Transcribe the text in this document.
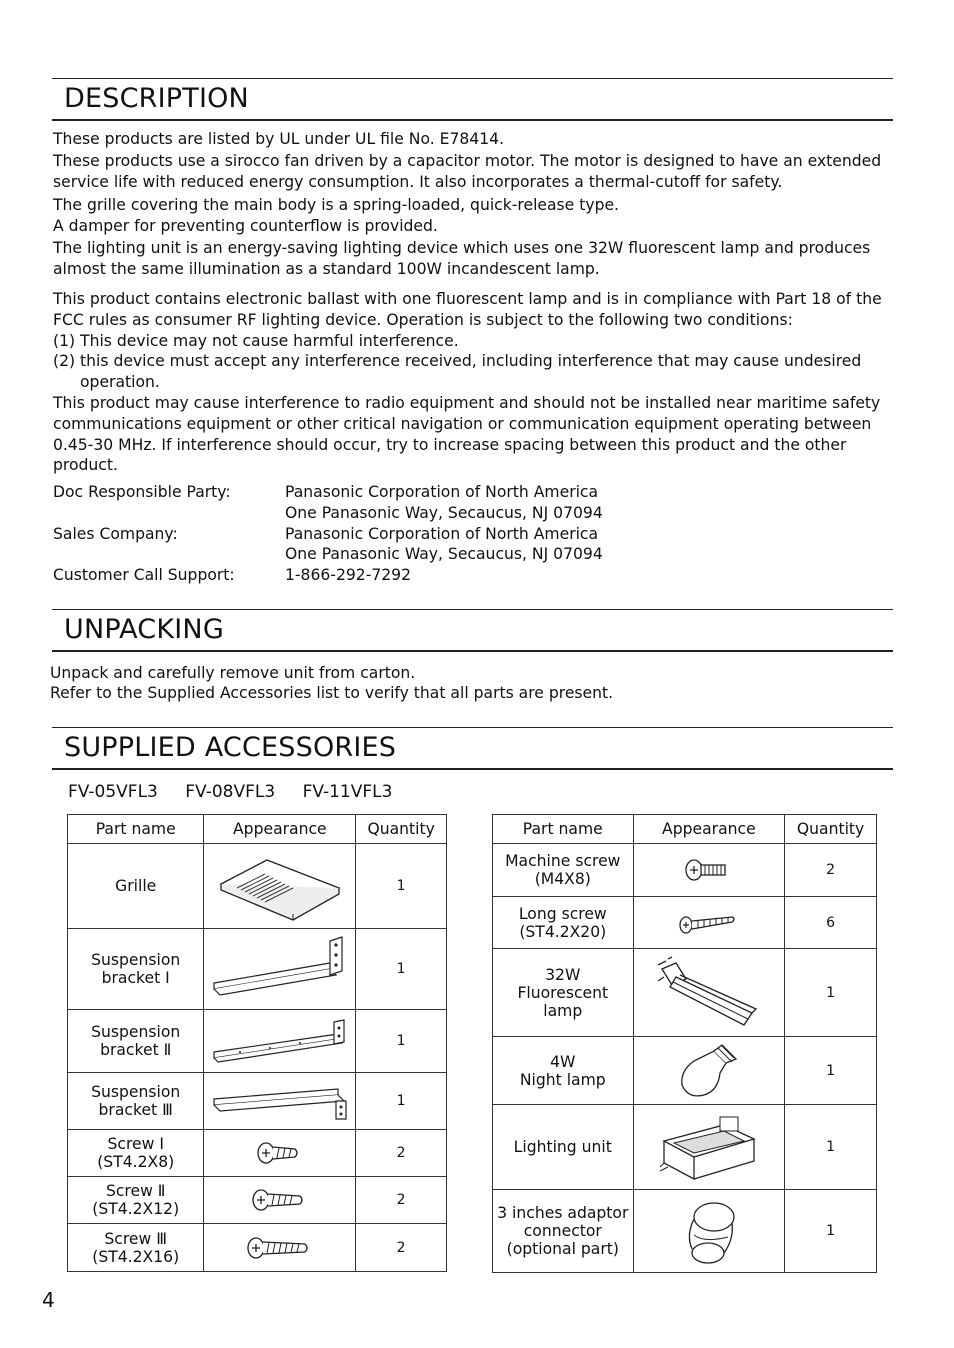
DESCRIPTION

These products are listed by UL under UL file No. E78414.

These products use a sirocco fan driven by a capacitor motor. The motor is designed to have an extended service life with reduced energy consumption. It also incorporates a thermal-cutoff for safety.

The grille covering the main body is a spring-loaded, quick-release type.

A damper for preventing counterflow is provided.

The lighting unit is an energy-saving lighting device which uses one 32W fluorescent lamp and produces almost the same illumination as a standard 100W incandescent lamp.

This product contains electronic ballast with one fluorescent lamp and is in compliance with Part 18 of the FCC rules as consumer RF lighting device. Operation is subject to the following two conditions:

(1) This device may not cause harmful interference.

(2) this device must accept any interference received, including interference that may cause undesired operation.

This product may cause interference to radio equipment and should not be installed near maritime safety communications equipment or other critical navigation or communication equipment operating between 0.45-30 MHz. If interference should occur, try to increase spacing between this product and the other product.

Doc Responsible Party:	Panasonic Corporation of North America
One Panasonic Way, Secaucus, NJ 07094
Sales Company:	Panasonic Corporation of North America
One Panasonic Way, Secaucus, NJ 07094
Customer Call Support:	1-866-292-7292
UNPACKING

Unpack and carefully remove unit from carton.

Refer to the Supplied Accessories list to verify that all parts are present.

SUPPLIED ACCESSORIES
FV-05VFL3 FV-08VFL3 FV-11VFL3
Part name	Appearance	Quantity
Grille		1
Suspension
bracket Ⅰ		1
Suspension
bracket Ⅱ		1
Suspension
bracket Ⅲ		1
Screw Ⅰ
(ST4.2X8)		2
Screw Ⅱ
(ST4.2X12)		2
Screw Ⅲ
(ST4.2X16)		2
Part name	Appearance	Quantity
Machine screw
(M4X8)		2
Long screw
(ST4.2X20)		6
32W
Fluorescent
lamp		1
4W
Night lamp		1
Lighting unit		1
3 inches adaptor
connector
(optional part)		1
4
